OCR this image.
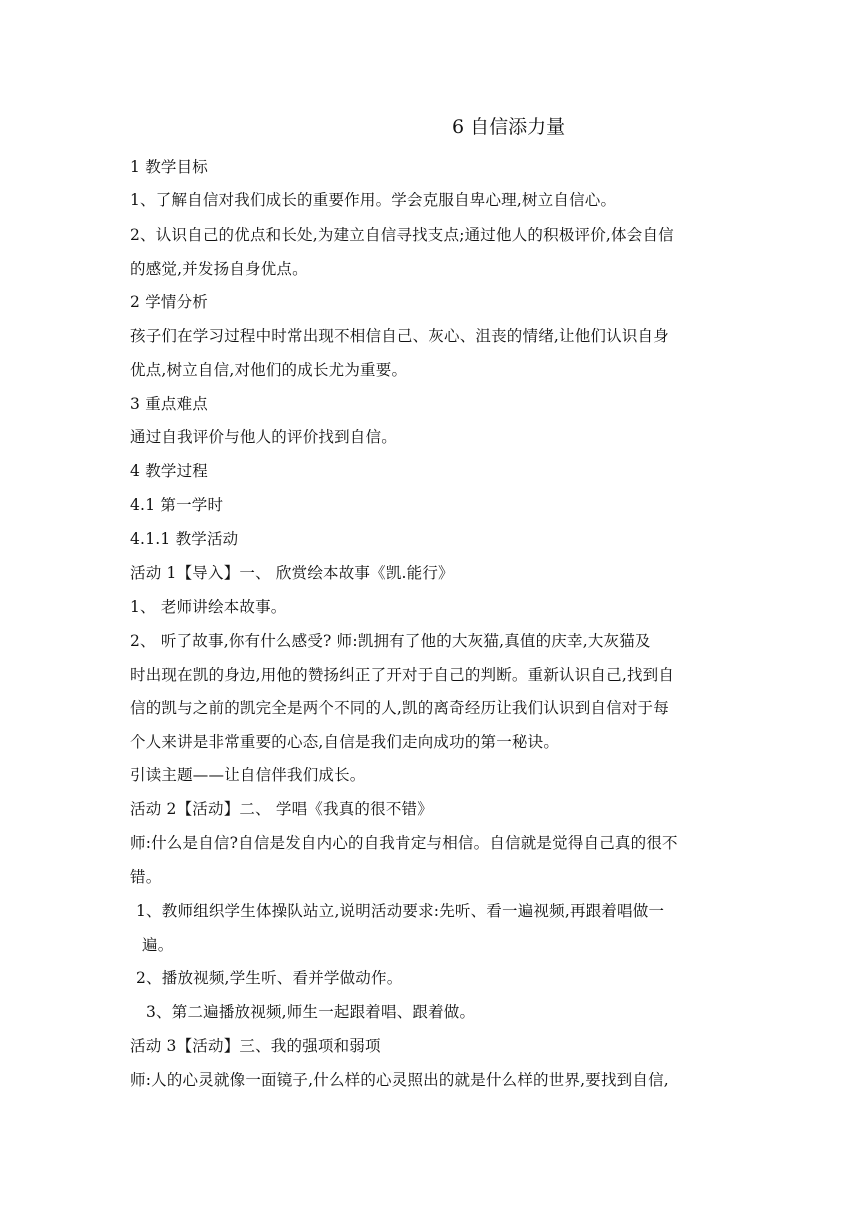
6 自信添力量
1 教学目标
1、了解自信对我们成长的重要作用。学会克服自卑心理,树立自信心。
2、认识自己的优点和长处,为建立自信寻找支点;通过他人的积极评价,体会自信
的感觉,并发扬自身优点。
2 学情分析
孩子们在学习过程中时常出现不相信自己、灰心、沮丧的情绪,让他们认识自身
优点,树立自信,对他们的成长尤为重要。
3 重点难点
通过自我评价与他人的评价找到自信。
4 教学过程
4.1 第一学时
4.1.1 教学活动
活动 1【导入】一、 欣赏绘本故事《凯.能行》
1、 老师讲绘本故事。
2、 听了故事,你有什么感受? 师:凯拥有了他的大灰猫,真值的庆幸,大灰猫及
时出现在凯的身边,用他的赞扬纠正了开对于自己的判断。重新认识自己,找到自
信的凯与之前的凯完全是两个不同的人,凯的离奇经历让我们认识到自信对于每
个人来讲是非常重要的心态,自信是我们走向成功的第一秘诀。
引读主题——让自信伴我们成长。
活动 2【活动】二、 学唱《我真的很不错》
师:什么是自信?自信是发自内心的自我肯定与相信。自信就是觉得自己真的很不
错。
1、教师组织学生体操队站立,说明活动要求:先听、看一遍视频,再跟着唱做一
遍。
2、播放视频,学生听、看并学做动作。
3、第二遍播放视频,师生一起跟着唱、跟着做。
活动 3【活动】三、我的强项和弱项
师:人的心灵就像一面镜子,什么样的心灵照出的就是什么样的世界,要找到自信,
